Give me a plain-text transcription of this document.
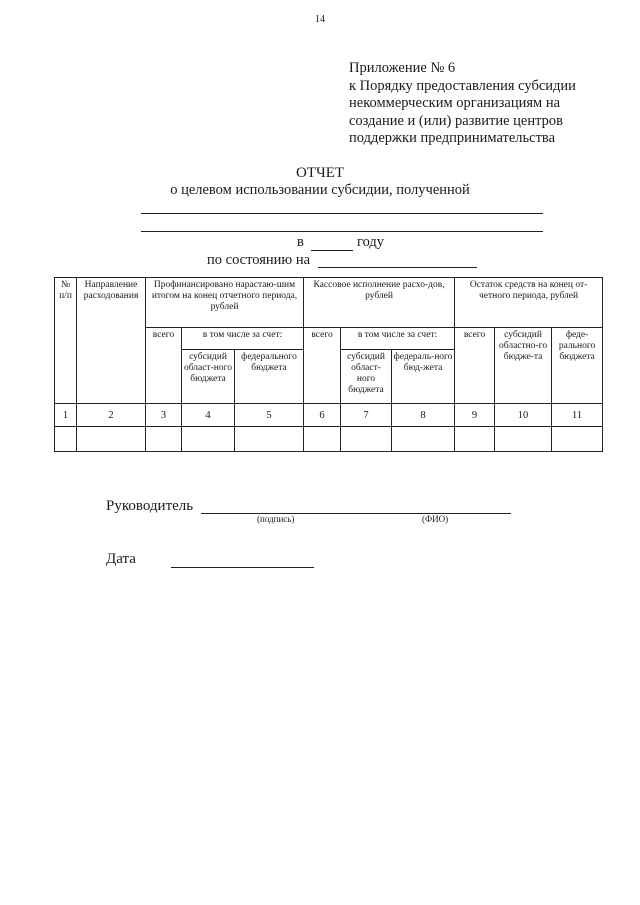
14
Приложение № 6
к Порядку предоставления субсидии
некоммерческим организациям на
создание и (или) развитие центров
поддержки предпринимательства
ОТЧЕТ
о целевом использовании субсидии, полученной
в	году
по состоянию на
№ п/п	Направление расходования	Профинансировано нарастаю-шим итогом на конец отчетного периода, рублей			Кассовое исполнение расхо-дов, рублей			Остаток средств на конец от-четного периода, рублей		
		всего	в том числе за счет:		всего	в том числе за счет:		всего	субсидий областно-го бюдже-та	феде-рального бюджета
			субсидий област-ного бюджета	федерального бюджета		субсидий област-ного бюджета	федераль-ного бюд-жета			
1	2	3	4	5	6	7	8	9	10	11

Руководитель
(подпись)	(ФИО)
Дата
